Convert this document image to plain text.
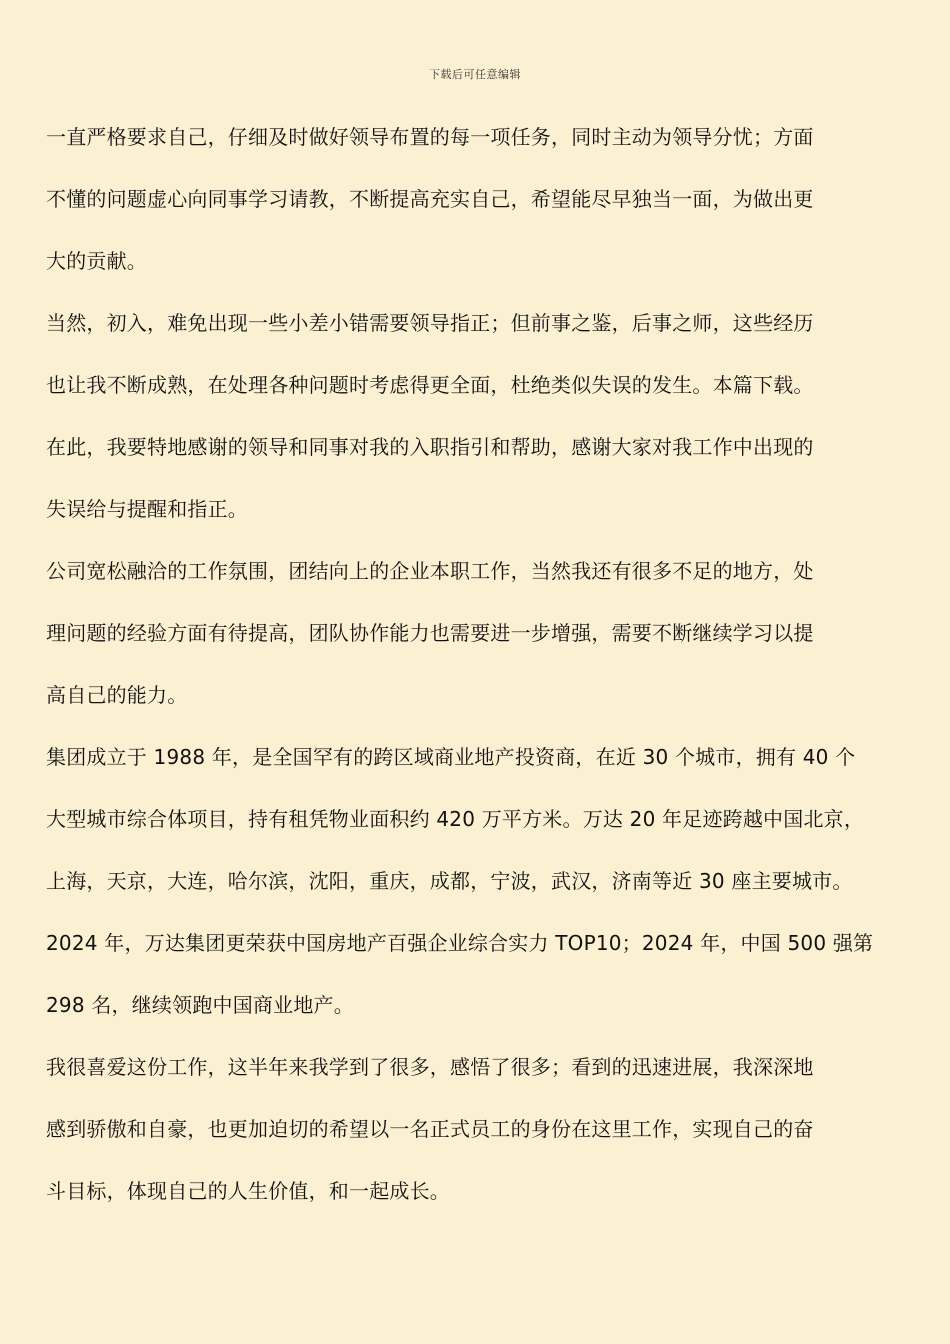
下载后可任意编辑
一直严格要求自己，仔细及时做好领导布置的每一项任务，同时主动为领导分忧；方面
不懂的问题虚心向同事学习请教，不断提高充实自己，希望能尽早独当一面，为做出更
大的贡献。
当然，初入，难免出现一些小差小错需要领导指正；但前事之鉴，后事之师，这些经历
也让我不断成熟，在处理各种问题时考虑得更全面，杜绝类似失误的发生。本篇下载。
在此，我要特地感谢的领导和同事对我的入职指引和帮助，感谢大家对我工作中出现的
失误给与提醒和指正。
公司宽松融洽的工作氛围，团结向上的企业本职工作，当然我还有很多不足的地方，处
理问题的经验方面有待提高，团队协作能力也需要进一步增强，需要不断继续学习以提
高自己的能力。
集团成立于 1988 年，是全国罕有的跨区域商业地产投资商，在近 30 个城市，拥有 40 个
大型城市综合体项目，持有租凭物业面积约 420 万平方米。万达 20 年足迹跨越中国北京，
上海，天京，大连，哈尔滨，沈阳，重庆，成都，宁波，武汉，济南等近 30 座主要城市。
2024 年，万达集团更荣获中国房地产百强企业综合实力 TOP10；2024 年，中国 500 强第
298 名，继续领跑中国商业地产。
我很喜爱这份工作，这半年来我学到了很多，感悟了很多；看到的迅速进展，我深深地
感到骄傲和自豪，也更加迫切的希望以一名正式员工的身份在这里工作，实现自己的奋
斗目标，体现自己的人生价值，和一起成长。
